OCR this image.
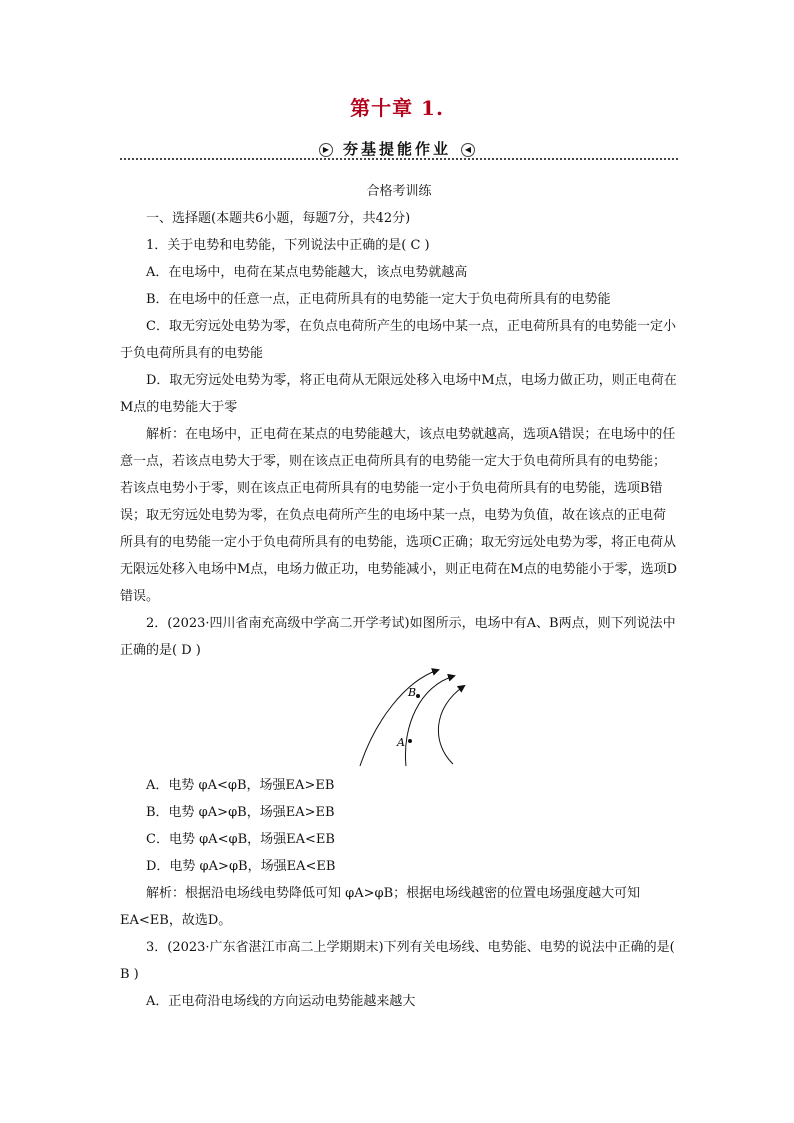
第十章 1.
▶ 夯基提能作业 ◀

合格考训练

一、选择题(本题共6小题，每题7分，共42分)

1．关于电势和电势能，下列说法中正确的是( C )

A．在电场中，电荷在某点电势能越大，该点电势就越高

B．在电场中的任意一点，正电荷所具有的电势能一定大于负电荷所具有的电势能

C．取无穷远处电势为零，在负点电荷所产生的电场中某一点，正电荷所具有的电势能一定小于负电荷所具有的电势能

D．取无穷远处电势为零，将正电荷从无限远处移入电场中M点，电场力做正功，则正电荷在M点的电势能大于零

解析：在电场中，正电荷在某点的电势能越大，该点电势就越高，选项A错误；在电场中的任意一点，若该点电势大于零，则在该点正电荷所具有的电势能一定大于负电荷所具有的电势能；若该点电势小于零，则在该点正电荷所具有的电势能一定小于负电荷所具有的电势能，选项B错误；取无穷远处电势为零，在负点电荷所产生的电场中某一点，电势为负值，故在该点的正电荷所具有的电势能一定小于负电荷所具有的电势能，选项C正确；取无穷远处电势为零，将正电荷从无限远处移入电场中M点，电场力做正功，电势能减小，则正电荷在M点的电势能小于零，选项D错误。

2．(2023·四川省南充高级中学高二开学考试)如图所示，电场中有A、B两点，则下列说法中正确的是( D )

B
A

A．电势 φA<φB，场强EA>EB

B．电势 φA>φB，场强EA>EB

C．电势 φA<φB，场强EA<EB

D．电势 φA>φB，场强EA<EB

解析：根据沿电场线电势降低可知 φA>φB；根据电场线越密的位置电场强度越大可知EA<EB，故选D。

3．(2023·广东省湛江市高二上学期期末)下列有关电场线、电势能、电势的说法中正确的是( B )

A．正电荷沿电场线的方向运动电势能越来越大
